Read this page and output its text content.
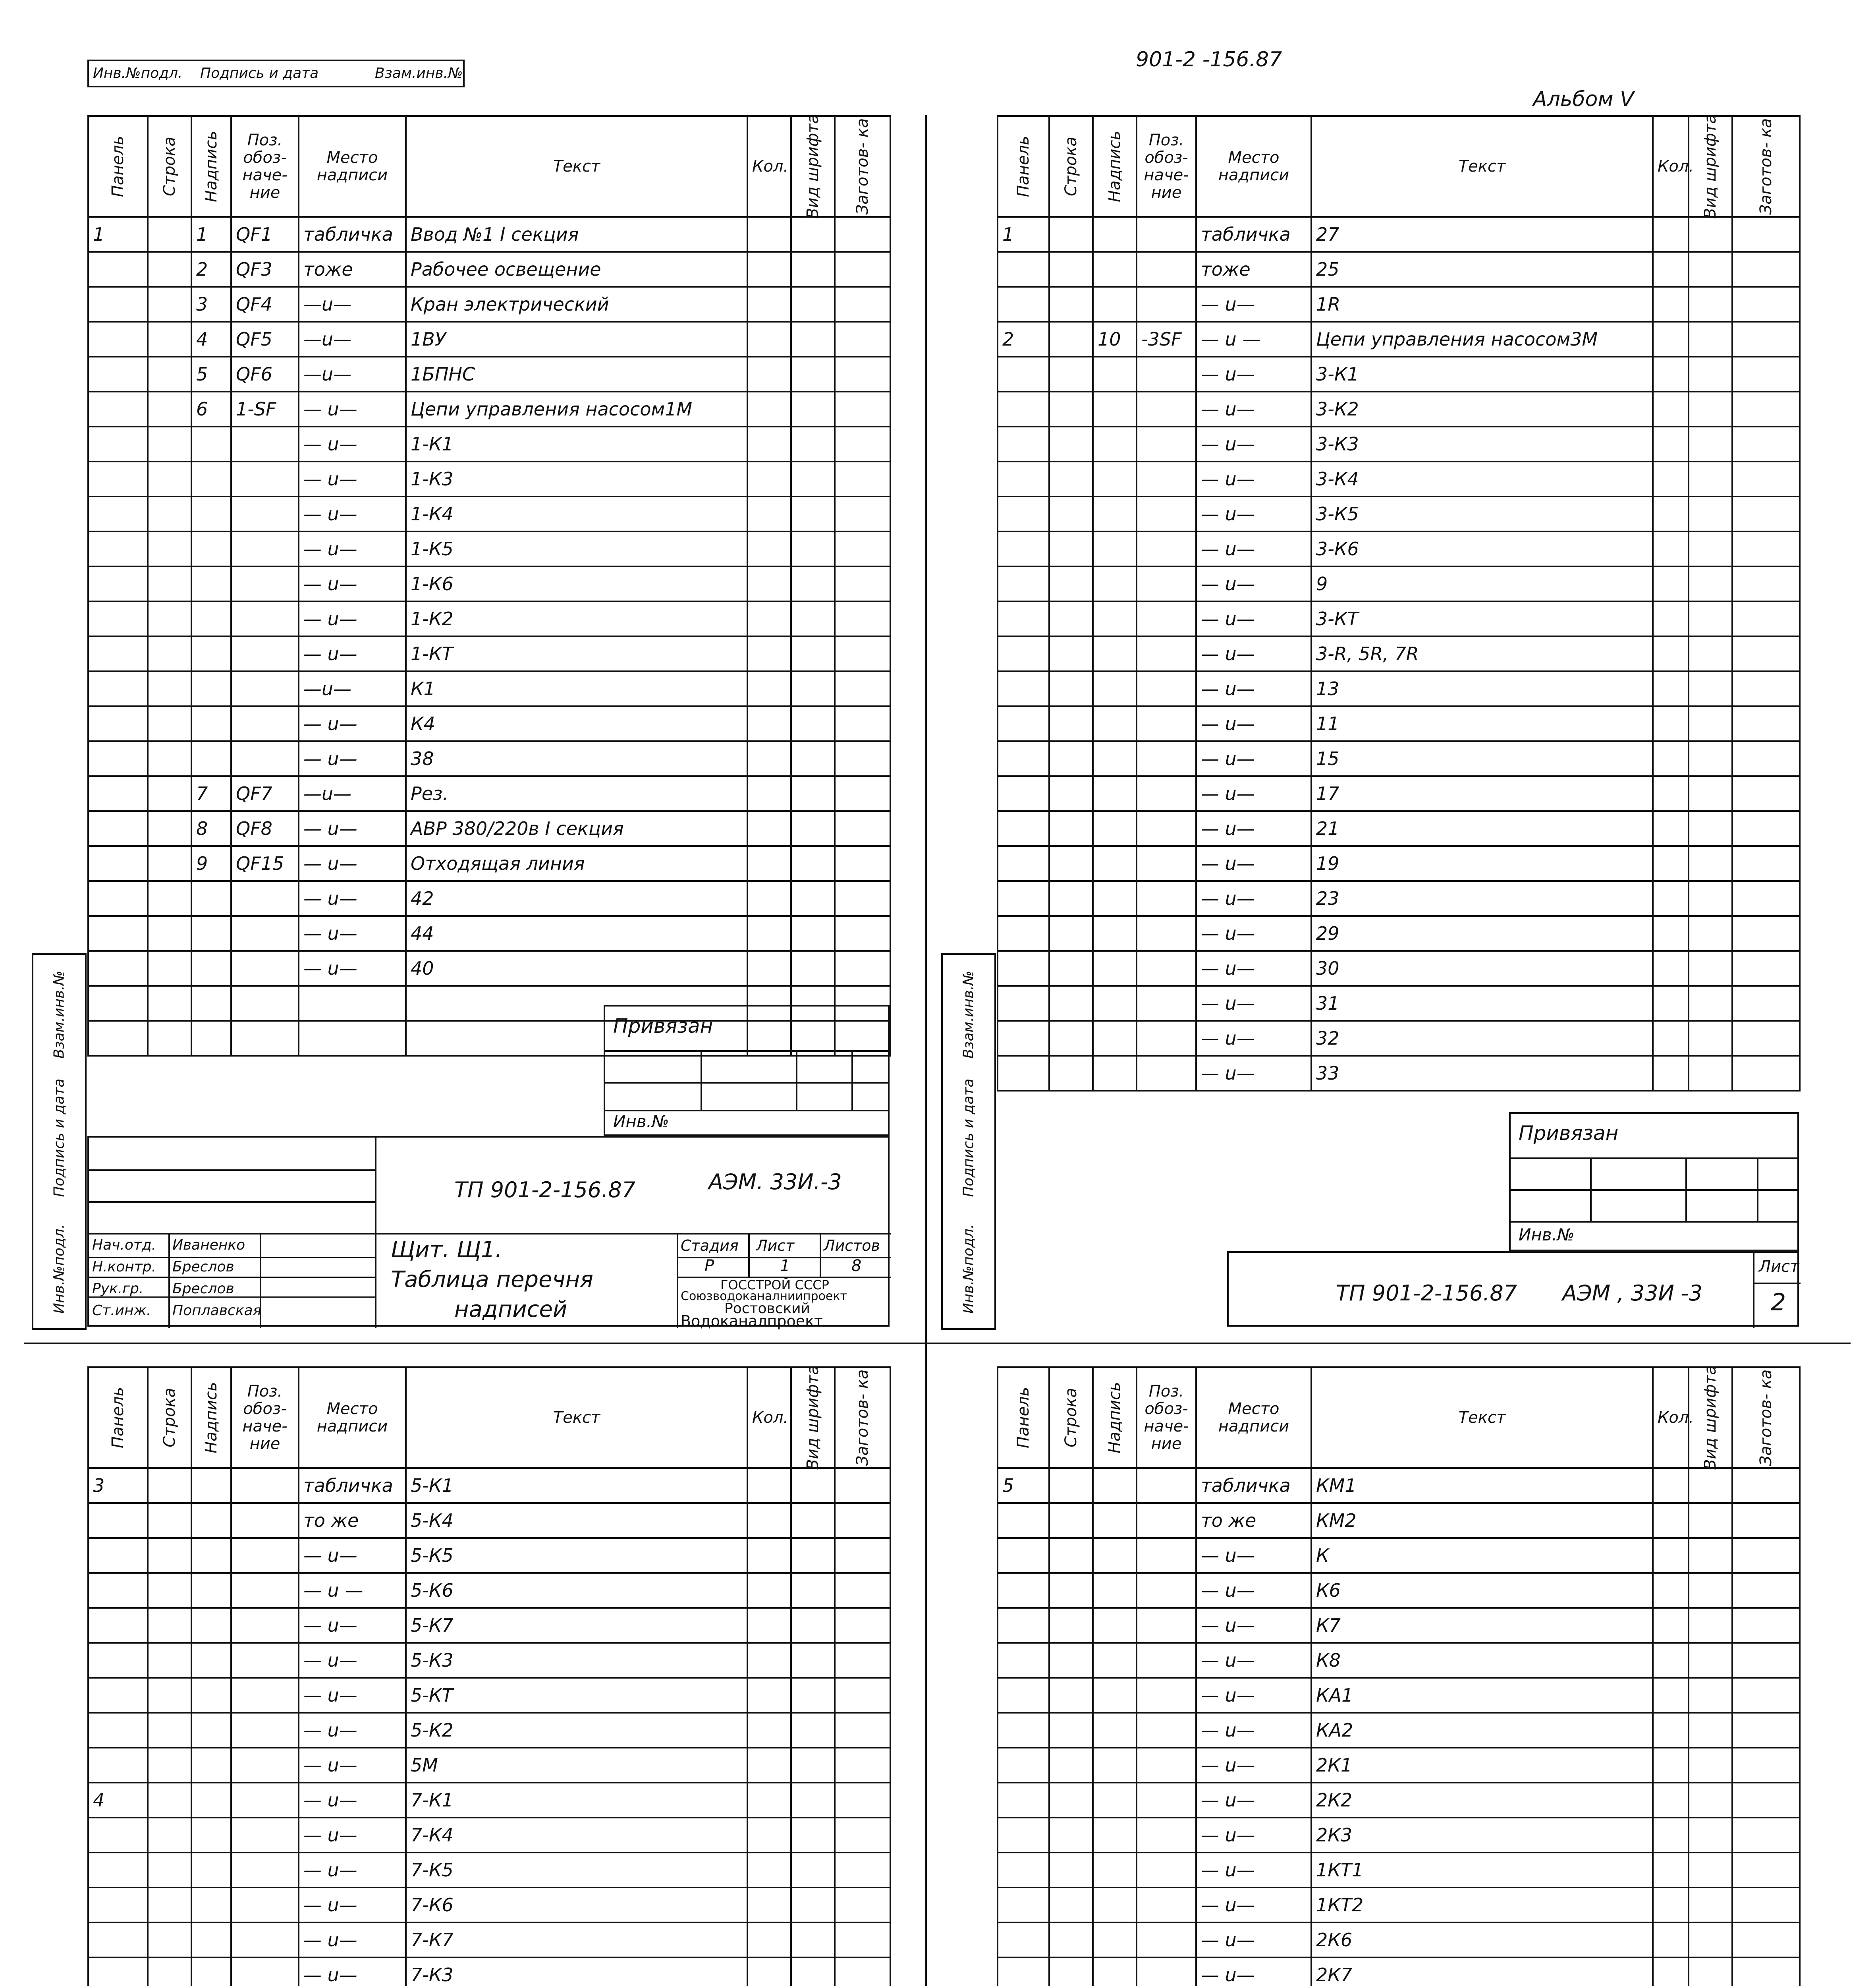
901-2 -156.87
Альбом V
Инв.№подл. Подпись и дата	Взам.инв.№
Панель	Строка	Надпись	Поз. обоз- наче- ние	Место надписи	Текст	Кол.	Вид шрифта	Заготов- ка

1		1	QF1	табличка	Ввод №1 I секция			
		2	QF3	тоже	Рабочее освещение			
		3	QF4	—u—	Кран электрический			
		4	QF5	—u—	1ВУ			
		5	QF6	—u—	1БПНС			
		6	1-SF	— u—	Цепи управления насосом1М			
				— u—	1-К1			
				— u—	1-К3			
				— u—	1-К4			
				— u—	1-К5			
				— u—	1-К6			
				— u—	1-К2			
				— u—	1-КТ			
				—u—	К1			
				— u—	К4			
				— u—	38			
		7	QF7	—u—	Рез.			
		8	QF8	— u—	АВР 380/220в I секция			
		9	QF15	— u—	Отходящая линия			
				— u—	42			
				— u—	44			
				— u—	40			

Взам.инв.№
Подпись и дата
Инв.№подл.
Привязан
Инв.№
ТП 901-2-156.87	АЭМ. 33И.-3
Щит. Щ1.
Таблица перечня
надписей
Стадия Лист Листов
Р	1	8
ГОССТРОЙ СССР
Союзводоканалниипроект
Ростовский
Водоканалпроект
Нач.отд. Иваненко
Н.контр. Бреслов
Рук.гр. Бреслов
Ст.инж. Поплавская
Панель	Строка	Надпись	Поз. обоз- наче- ние	Место надписи	Текст	Кол.	Вид шрифта	Заготов- ка

1				табличка	27			
				тоже	25			
				— u—	1R			
2		10	-3SF	— u —	Цепи управления насосом3М			
				— u—	3-К1			
				— u—	3-К2			
				— u—	3-К3			
				— u—	3-К4			
				— u—	3-К5			
				— u—	3-К6			
				— u—	9			
				— u—	3-КТ			
				— u—	3-R, 5R, 7R			
				— u—	13			
				— u—	11			
				— u—	15			
				— u—	17			
				— u—	21			
				— u—	19			
				— u—	23			
				— u—	29			
				— u—	30			
				— u—	31			
				— u—	32			
				— u—	33			
Взам.инв.№
Подпись и дата
Инв.№подл.
Привязан
Инв.№
ТП 901-2-156.87 АЭМ , 33И -3
Лист
2
Панель	Строка	Надпись	Поз. обоз- наче- ние	Место надписи	Текст	Кол.	Вид шрифта	Заготов- ка

3				табличка	5-К1			
				то же	5-К4			
				— u—	5-К5			
				— u —	5-К6			
				— u—	5-К7			
				— u—	5-К3			
				— u—	5-КТ			
				— u—	5-К2			
				— u—	5М			
4				— u—	7-К1			
				— u—	7-К4			
				— u—	7-К5			
				— u—	7-К6			
				— u—	7-К7			
				— u—	7-К3			

Панель	Строка	Надпись	Поз. обоз- наче- ние	Место надписи	Текст	Кол.	Вид шрифта	Заготов- ка

5				табличка	КМ1			
				то же	КМ2			
				— u—	К			
				— u—	К6			
				— u—	К7			
				— u—	К8			
				— u—	КА1			
				— u—	КА2			
				— u—	2К1			
				— u—	2К2			
				— u—	2К3			
				— u—	1КТ1			
				— u—	1КТ2			
				— u—	2К6			
				— u—	2К7			
